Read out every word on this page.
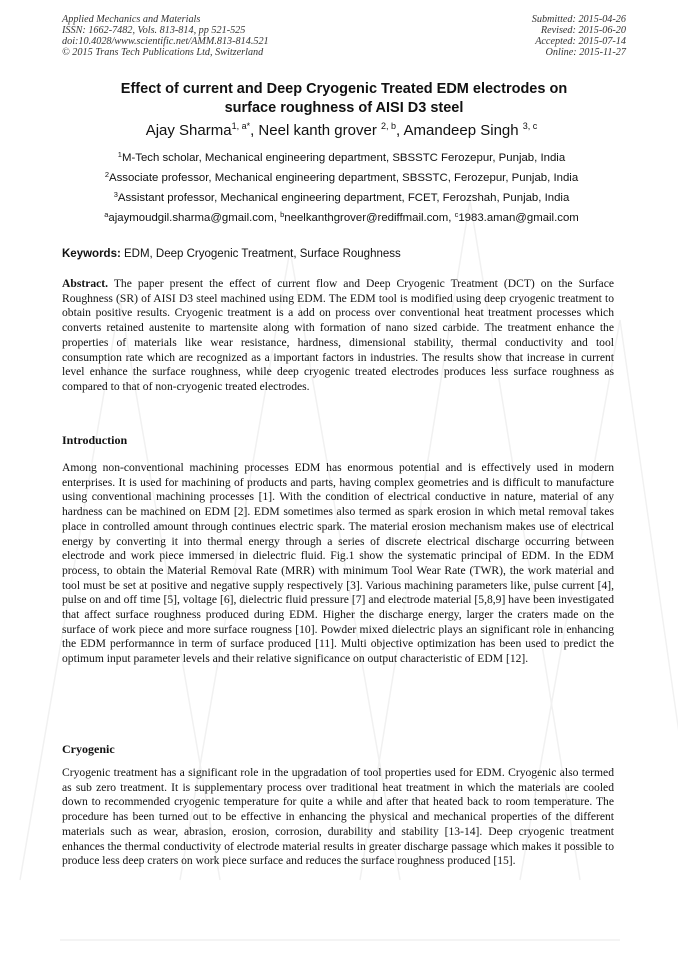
Applied Mechanics and Materials
ISSN: 1662-7482, Vols. 813-814, pp 521-525
doi:10.4028/www.scientific.net/AMM.813-814.521
© 2015 Trans Tech Publications Ltd, Switzerland
Submitted: 2015-04-26
Revised: 2015-06-20
Accepted: 2015-07-14
Online: 2015-11-27
Effect of current and Deep Cryogenic Treated EDM electrodes on
surface roughness of AISI D3 steel
Ajay Sharma$^{1, a*}$, Neel kanth grover $^{2, b}$, Amandeep Singh $^{3, c}$
$^1$M-Tech scholar, Mechanical engineering department, SBSSTC Ferozepur, Punjab, India
$^2$Associate professor, Mechanical engineering department, SBSSTC, Ferozepur, Punjab, India
$^3$Assistant professor, Mechanical engineering department, FCET, Ferozshah, Punjab, India
$^a$ajaymoudgil.sharma@gmail.com, $^b$neelkanthgrover@rediffmail.com, $^c$1983.aman@gmail.com
Keywords: EDM, Deep Cryogenic Treatment, Surface Roughness
Abstract. The paper present the effect of current flow and Deep Cryogenic Treatment (DCT) on the Surface Roughness (SR) of AISI D3 steel machined using EDM. The EDM tool is modified using deep cryogenic treatment to obtain positive results. Cryogenic treatment is a add on process over conventional heat treatment processes which converts retained austenite to martensite along with formation of nano sized carbide. The treatment enhance the properties of materials like wear resistance, hardness, dimensional stability, thermal conductivity and tool consumption rate which are recognized as a important factors in industries. The results show that increase in current level enhance the surface roughness, while deep cryogenic treated electrodes produces less surface roughness as compared to that of non-cryogenic treated electrodes.
Introduction
Among non-conventional machining processes EDM has enormous potential and is effectively used in modern enterprises. It is used for machining of products and parts, having complex geometries and is difficult to manufacture using conventional machining processes [1]. With the condition of electrical conductive in nature, material of any hardness can be machined on EDM [2]. EDM sometimes also termed as spark erosion in which metal removal takes place in controlled amount through continues electric spark. The material erosion mechanism makes use of electrical energy by converting it into thermal energy through a series of discrete electrical discharge occurring between electrode and work piece immersed in dielectric fluid. Fig.1 show the systematic principal of EDM. In the EDM process, to obtain the Material Removal Rate (MRR) with minimum Tool Wear Rate (TWR), the work material and tool must be set at positive and negative supply respectively [3]. Various machining parameters like, pulse current [4], pulse on and off time [5], voltage [6], dielectric fluid pressure [7] and electrode material [5,8,9] have been investigated that affect surface roughness produced during EDM. Higher the discharge energy, larger the craters made on the surface of work piece and more surface rougness [10]. Powder mixed dielectric plays an significant role in enhancing the EDM performannce in term of surface produced [11]. Multi objective optimization has been used to predict the optimum input parameter levels and their relative significance on output characteristic of EDM [12].
Cryogenic
Cryogenic treatment has a significant role in the upgradation of tool properties used for EDM. Cryogenic also termed as sub zero treatment. It is supplementary process over traditional heat treatment in which the materials are cooled down to recommended cryogenic temperature for quite a while and after that heated back to room temperature. The procedure has been turned out to be effective in enhancing the physical and mechanical properties of the different materials such as wear, abrasion, erosion, corrosion, durability and stability [13-14]. Deep cryogenic treatment enhances the thermal conductivity of electrode material results in greater discharge passage which makes it possible to produce less deep craters on work piece surface and reduces the surface roughness produced [15].
